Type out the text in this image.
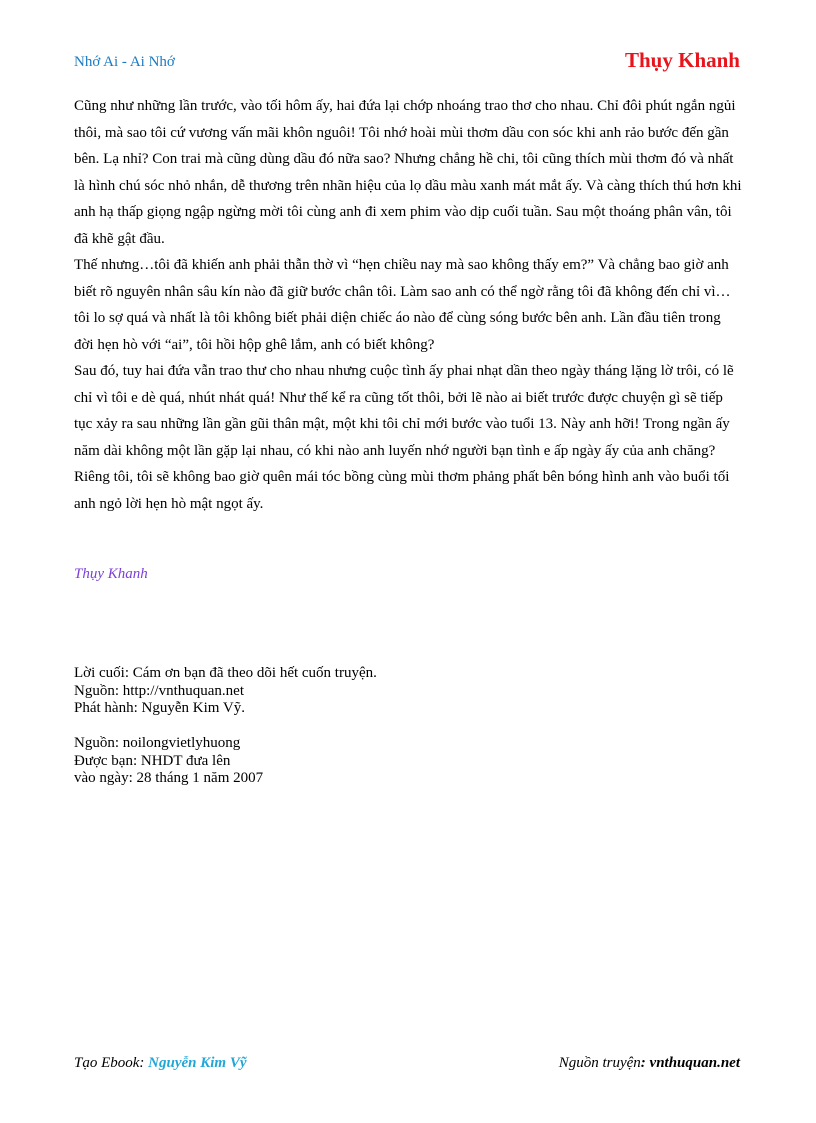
Nhớ Ai - Ai Nhớ	Thụy Khanh

Cũng như những lần trước, vào tối hôm ấy, hai đứa lại chớp nhoáng trao thơ cho nhau. Chỉ đôi phút ngắn ngủi thôi, mà sao tôi cứ vương vấn mãi khôn nguôi! Tôi nhớ hoài mùi thơm dầu con sóc khi anh rảo bước đến gần bên. Lạ nhỉ? Con trai mà cũng dùng dầu đó nữa sao? Nhưng chẳng hề chi, tôi cũng thích mùi thơm đó và nhất là hình chú sóc nhỏ nhắn, dễ thương trên nhãn hiệu của lọ dầu màu xanh mát mắt ấy. Và càng thích thú hơn khi anh hạ thấp giọng ngập ngừng mời tôi cùng anh đi xem phim vào dịp cuối tuần. Sau một thoáng phân vân, tôi đã khẽ gật đầu.

Thế nhưng…tôi đã khiến anh phải thẫn thờ vì “hẹn chiều nay mà sao không thấy em?” Và chẳng bao giờ anh biết rõ nguyên nhân sâu kín nào đã giữ bước chân tôi. Làm sao anh có thể ngờ rằng tôi đã không đến chỉ vì…tôi lo sợ quá và nhất là tôi không biết phải diện chiếc áo nào để cùng sóng bước bên anh. Lần đầu tiên trong đời hẹn hò với “ai”, tôi hồi hộp ghê lắm, anh có biết không?

Sau đó, tuy hai đứa vẫn trao thư cho nhau nhưng cuộc tình ấy phai nhạt dần theo ngày tháng lặng lờ trôi, có lẽ chỉ vì tôi e dè quá, nhút nhát quá! Như thế kể ra cũng tốt thôi, bởi lẽ nào ai biết trước được chuyện gì sẽ tiếp tục xảy ra sau những lần gần gũi thân mật, một khi tôi chỉ mới bước vào tuổi 13. Này anh hỡi! Trong ngần ấy năm dài không một lần gặp lại nhau, có khi nào anh luyến nhớ người bạn tình e ấp ngày ấy của anh chăng? Riêng tôi, tôi sẽ không bao giờ quên mái tóc bồng cùng mùi thơm phảng phất bên bóng hình anh vào buổi tối anh ngỏ lời hẹn hò mật ngọt ấy.

Thụy Khanh
Lời cuối: Cám ơn bạn đã theo dõi hết cuốn truyện.
Nguồn: http://vnthuquan.net
Phát hành: Nguyễn Kim Vỹ.
Nguồn: noilongvietlyhuong
Được bạn: NHDT đưa lên
vào ngày: 28 tháng 1 năm 2007
Tạo Ebook: Nguyễn Kim Vỹ	Nguồn truyện: vnthuquan.net
